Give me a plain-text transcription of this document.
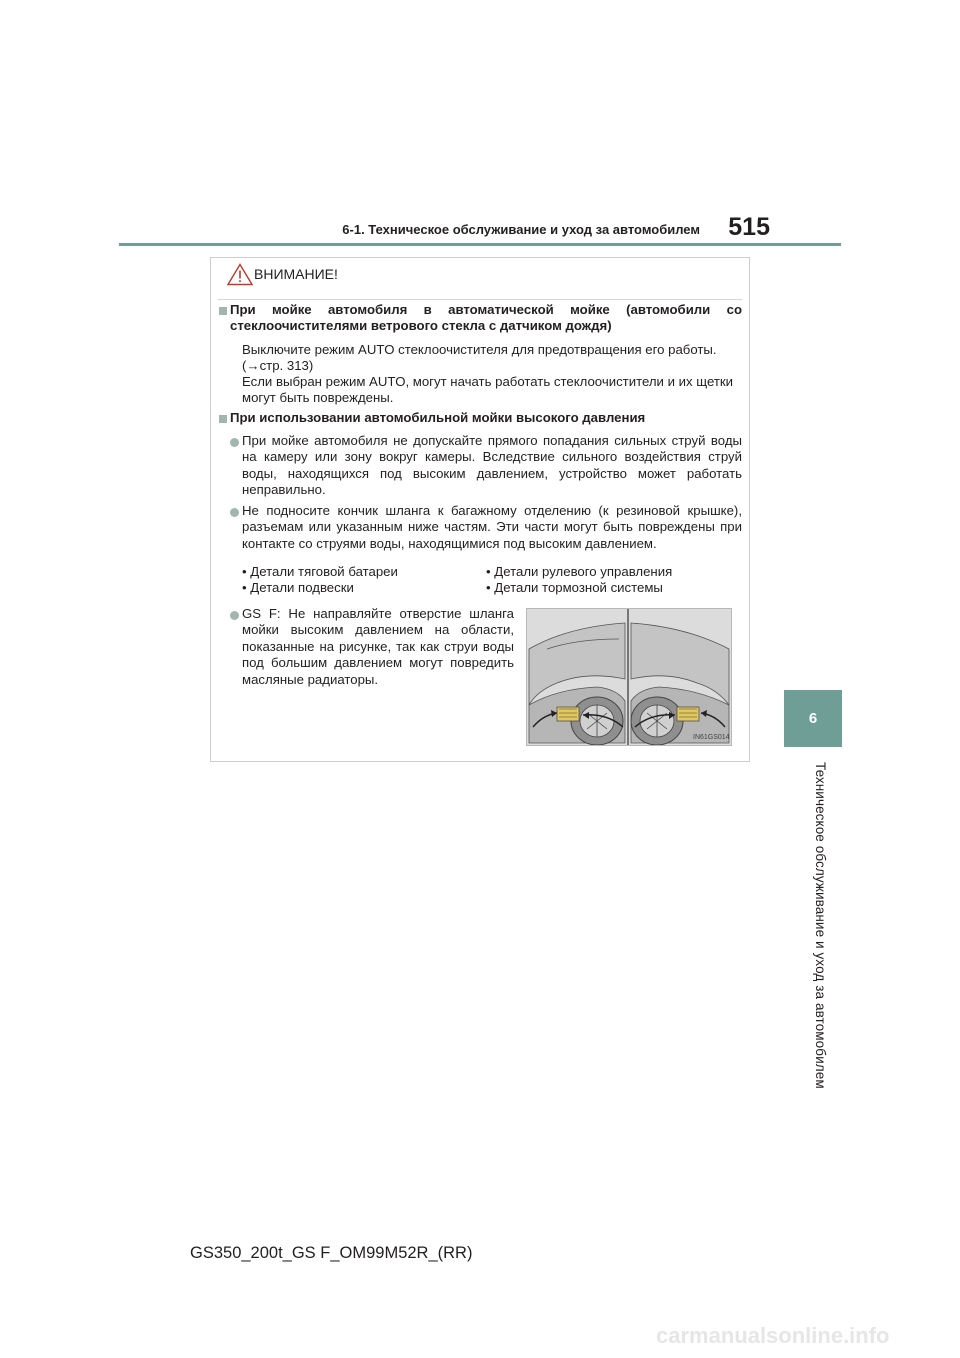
6-1. Техническое обслуживание и уход за автомобилем	515
6
Техническое обслуживание и уход за автомобилем
ВНИМАНИЕ!
При мойке автомобиля в автоматической мойке (автомобили со стеклоочистителями ветрового стекла с датчиком дождя)
Выключите режим AUTO стеклоочистителя для предотвращения его работы.
(→стр. 313)
Если выбран режим AUTO, могут начать работать стеклоочистители и их щетки могут быть повреждены.
При использовании автомобильной мойки высокого давления
При мойке автомобиля не допускайте прямого попадания сильных струй воды на камеру или зону вокруг камеры. Вследствие сильного воздействия струй воды, находящихся под высоким давлением, устройство может работать неправильно.
Не подносите кончик шланга к багажному отделению (к резиновой крышке), разъемам или указанным ниже частям. Эти части могут быть повреждены при контакте со струями воды, находящимися под высоким давлением.
• Детали тяговой батареи
• Детали подвески
• Детали рулевого управления
• Детали тормозной системы
GS F: Не направляйте отверстие шланга мойки высоким давлением на области, показанные на рисунке, так как струи воды под большим давлением могут повредить масляные радиаторы.
IN61GS014
GS350_200t_GS F_OM99M52R_(RR)
carmanualsonline.info
